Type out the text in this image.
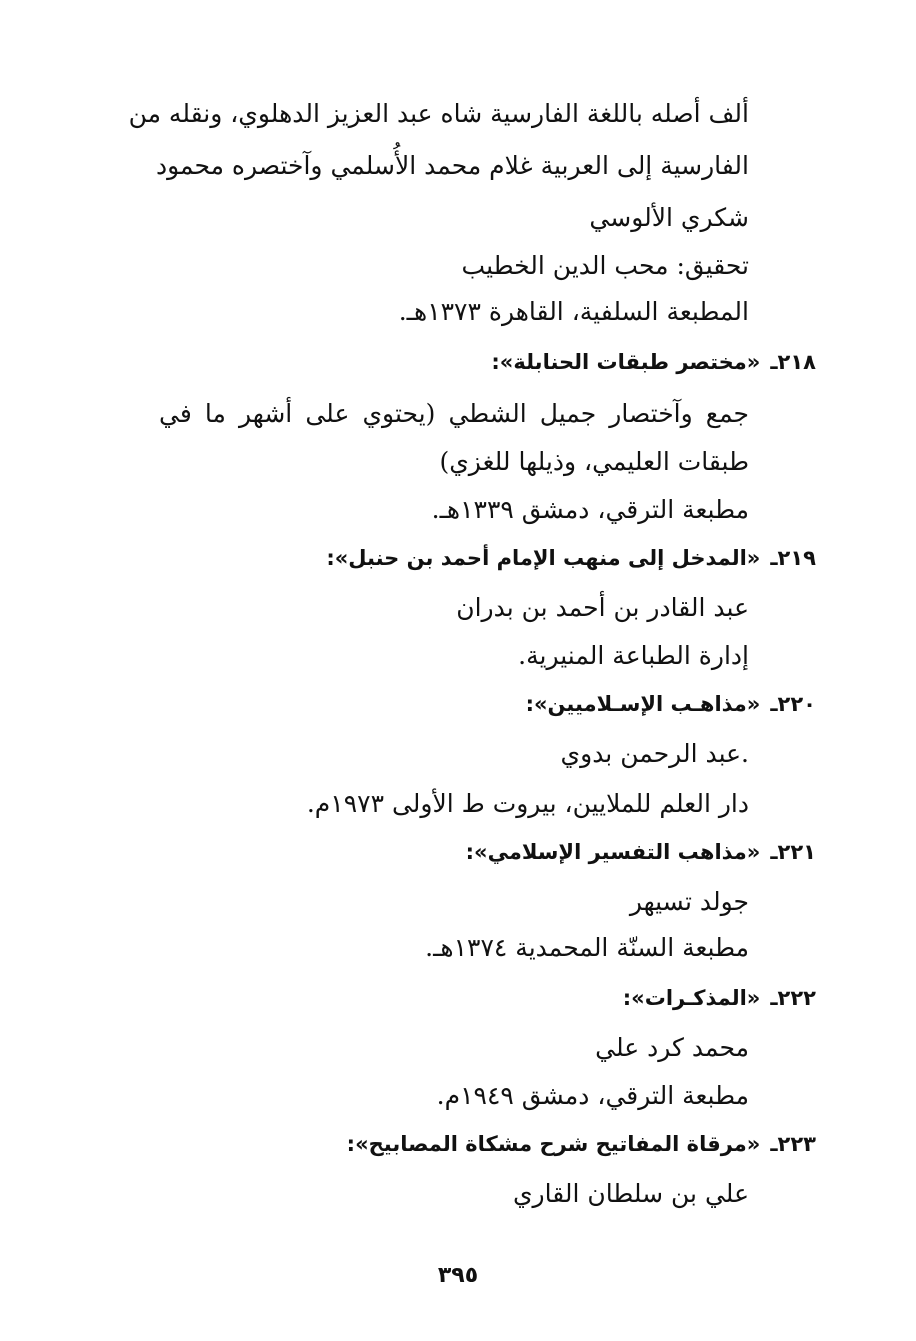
ألف أصله باللغة الفارسية شاه عبد العزيز الدهلوي، ونقله من
الفارسية إلى العربية غلام محمد الأُسلمي وآختصره محمود
شكري الألوسي
تحقيق: محب الدين الخطيب
المطبعة السلفية، القاهرة ١٣٧٣هـ.
٢١٨ـ«مختصر طبقات الحنابلة»:
جمع وآختصار جميل الشطي (يحتوي على أشهر ما في
طبقات العليمي، وذيلها للغزي)
مطبعة الترقي، دمشق ١٣٣٩هـ.
٢١٩ـ«المدخل إلى منهب الإمام أحمد بن حنبل»:
عبد القادر بن أحمد بن بدران
إدارة الطباعة المنيرية.
٢٢٠ـ«مذاهـب الإسـلاميين»:
.عبد الرحمن بدوي
دار العلم للملايين، بيروت ط الأولى ١٩٧٣م.
٢٢١ـ«مذاهب التفسير الإسلامي»:
جولد تسيهر
مطبعة السنّة المحمدية ١٣٧٤هـ.
٢٢٢ـ«المذكـرات»:
محمد كرد علي
مطبعة الترقي، دمشق ١٩٤٩م.
٢٢٣ـ«مرقاة المفاتيح شرح مشكاة المصابيح»:
علي بن سلطان القاري
٣٩٥
